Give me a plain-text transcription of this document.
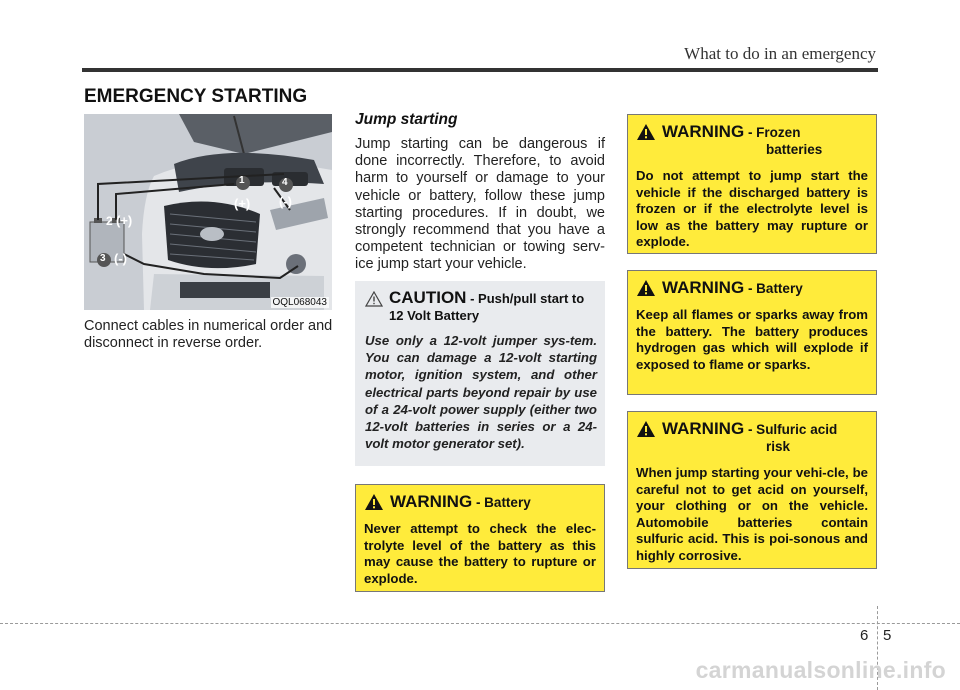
What to do in an emergency
EMERGENCY STARTING
1
(+)
4
(-)
2 (+)
3 (-)
OQL068043
Connect cables in numerical order and disconnect in reverse order.
Jump starting
Jump starting can be dangerous if done incorrectly. Therefore, to avoid harm to yourself or damage to your vehicle or battery, follow these jump starting procedures. If in doubt, we strongly recommend that you have a competent technician or towing serv-ice jump start your vehicle.
CAUTION - Push/pull start to 12 Volt Battery
Use only a 12-volt jumper sys-tem. You can damage a 12-volt starting motor, ignition system, and other electrical parts beyond repair by use of a 24-volt power supply (either two 12-volt batteries in series or a 24-volt motor generator set).
WARNING - Frozen
batteries
Do not attempt to jump start the vehicle if the discharged battery is frozen or if the electrolyte level is low as the battery may rupture or explode.
WARNING - Battery
Keep all flames or sparks away from the battery. The battery produces hydrogen gas which will explode if exposed to flame or sparks.
WARNING - Sulfuric acid
risk
When jump starting your vehi-cle, be careful not to get acid on yourself, your clothing or on the vehicle. Automobile batteries contain sulfuric acid. This is poi-sonous and highly corrosive.
WARNING - Battery
Never attempt to check the elec-trolyte level of the battery as this may cause the battery to rupture or explode.
6 5
carmanualsonline.info
